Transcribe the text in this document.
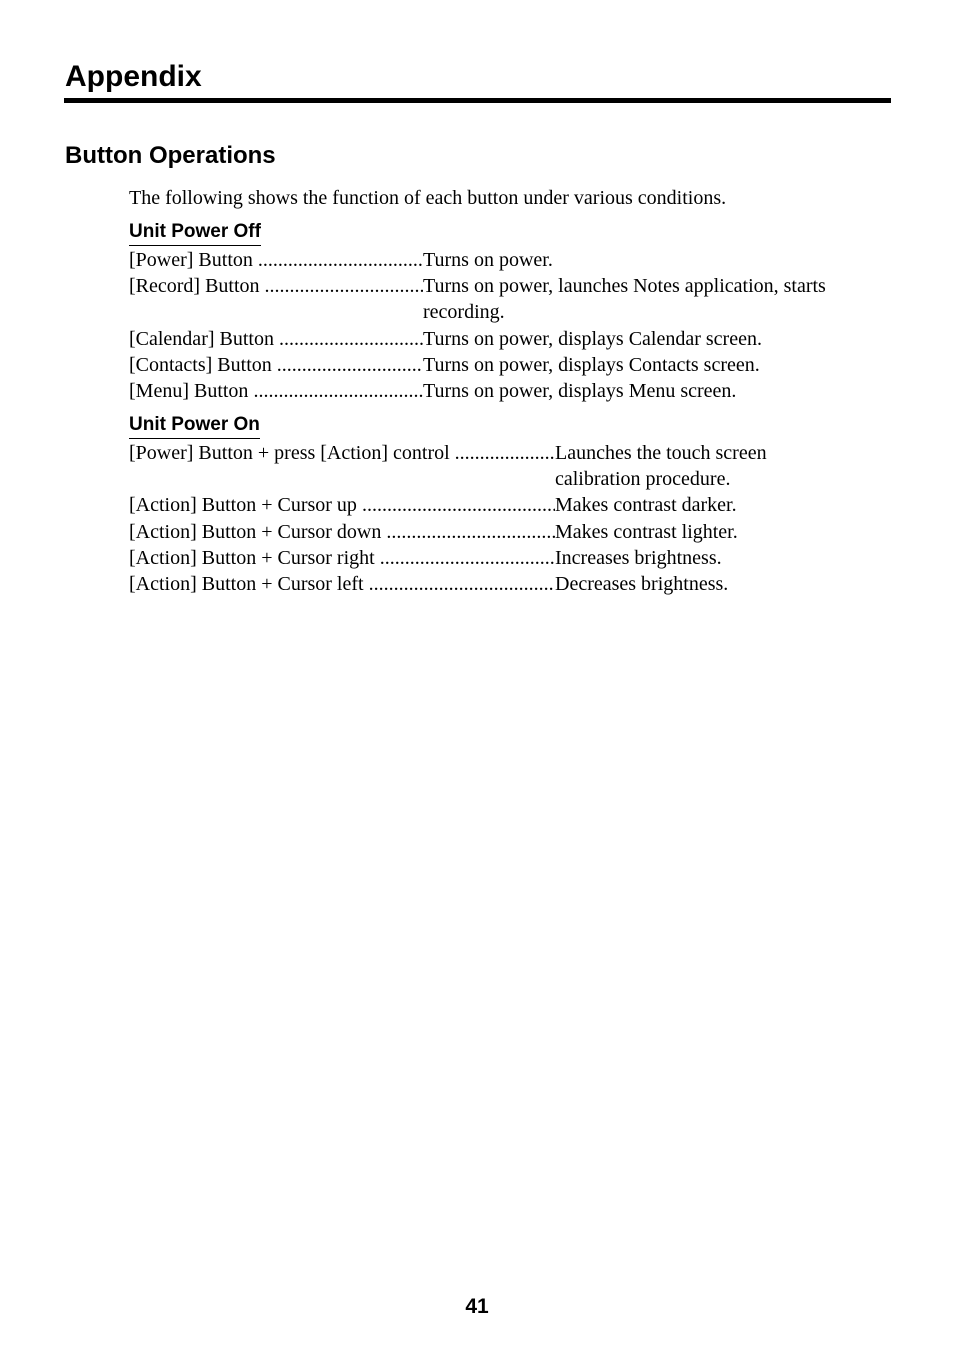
Appendix
Button Operations
The following shows the function of each button under various conditions.
Unit Power Off
[Power] Button .....	Turns on power.
[Record] Button .....	Turns on power, launches Notes application, starts recording.
[Calendar] Button .....	Turns on power, displays Calendar screen.
[Contacts] Button .....	Turns on power, displays Contacts screen.
[Menu] Button .....	Turns on power, displays Menu screen.
Unit Power On
[Power] Button + press [Action] control .....	Launches the touch screen calibration procedure.
[Action] Button + Cursor up .....	Makes contrast darker.
[Action] Button + Cursor down .....	Makes contrast lighter.
[Action] Button + Cursor right .....	Increases brightness.
[Action] Button + Cursor left .....	Decreases brightness.
41
